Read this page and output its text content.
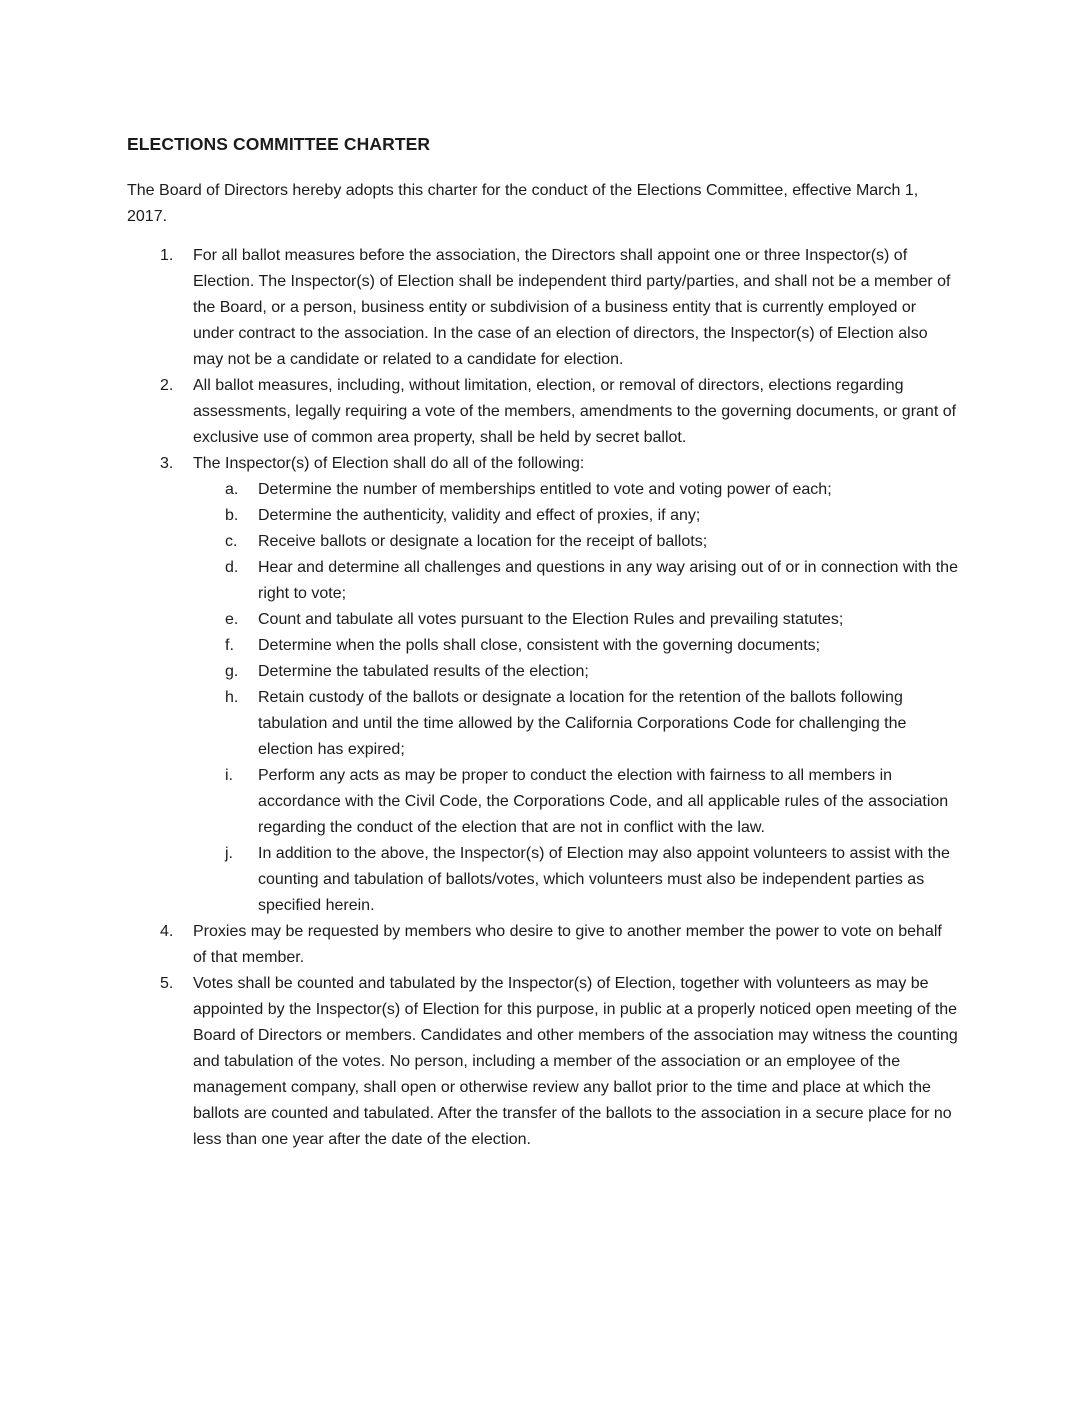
ELECTIONS COMMITTEE CHARTER

The Board of Directors hereby adopts this charter for the conduct of the Elections Committee, effective March 1, 2017.

1.	For all ballot measures before the association, the Directors shall appoint one or three Inspector(s) of Election. The Inspector(s) of Election shall be independent third party/parties, and shall not be a member of the Board, or a person, business entity or subdivision of a business entity that is currently employed or under contract to the association. In the case of an election of directors, the Inspector(s) of Election also may not be a candidate or related to a candidate for election.
2.	All ballot measures, including, without limitation, election, or removal of directors, elections regarding assessments, legally requiring a vote of the members, amendments to the governing documents, or grant of exclusive use of common area property, shall be held by secret ballot.
3.	The Inspector(s) of Election shall do all of the following:
a.	Determine the number of memberships entitled to vote and voting power of each;
b.	Determine the authenticity, validity and effect of proxies, if any;
c.	Receive ballots or designate a location for the receipt of ballots;
d.	Hear and determine all challenges and questions in any way arising out of or in connection with the right to vote;
e.	Count and tabulate all votes pursuant to the Election Rules and prevailing statutes;
f.	Determine when the polls shall close, consistent with the governing documents;
g.	Determine the tabulated results of the election;
h.	Retain custody of the ballots or designate a location for the retention of the ballots following tabulation and until the time allowed by the California Corporations Code for challenging the election has expired;
i.	Perform any acts as may be proper to conduct the election with fairness to all members in accordance with the Civil Code, the Corporations Code, and all applicable rules of the association regarding the conduct of the election that are not in conflict with the law.
j.	In addition to the above, the Inspector(s) of Election may also appoint volunteers to assist with the counting and tabulation of ballots/votes, which volunteers must also be independent parties as specified herein.
4.	Proxies may be requested by members who desire to give to another member the power to vote on behalf of that member.
5.	Votes shall be counted and tabulated by the Inspector(s) of Election, together with volunteers as may be appointed by the Inspector(s) of Election for this purpose, in public at a properly noticed open meeting of the Board of Directors or members. Candidates and other members of the association may witness the counting and tabulation of the votes. No person, including a member of the association or an employee of the management company, shall open or otherwise review any ballot prior to the time and place at which the ballots are counted and tabulated. After the transfer of the ballots to the association in a secure place for no less than one year after the date of the election.
